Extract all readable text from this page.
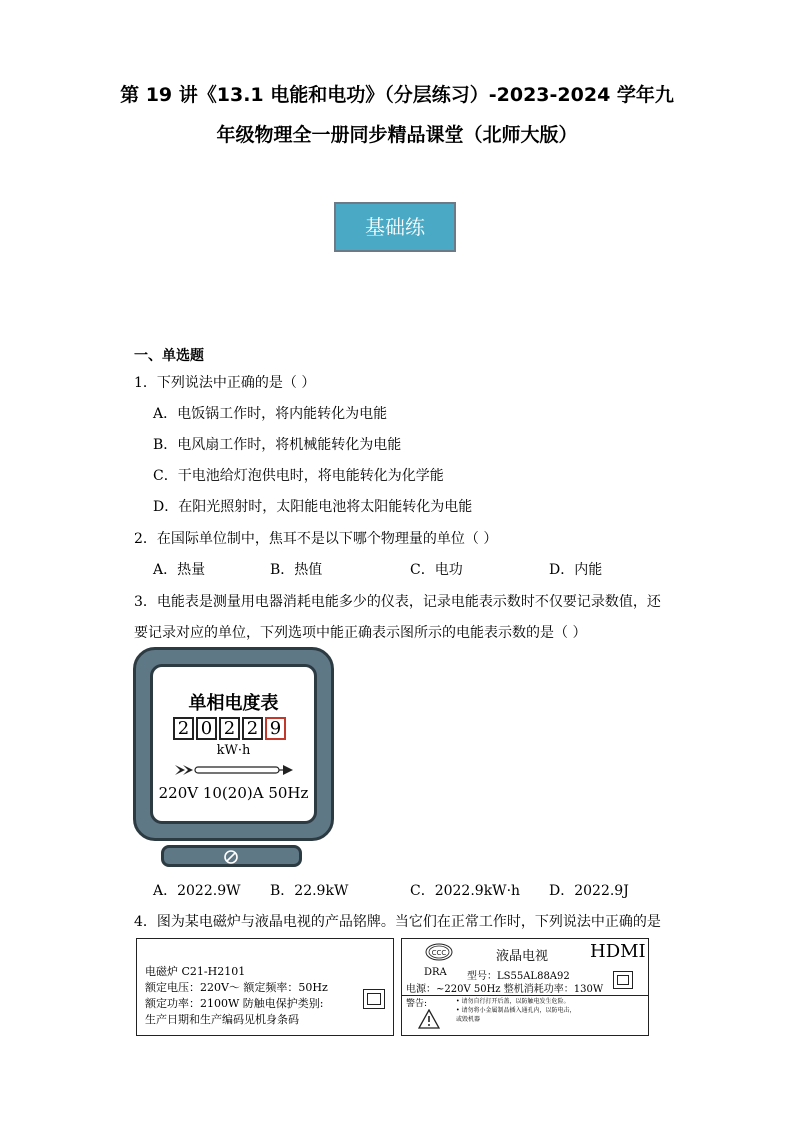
第 19 讲《13.1 电能和电功》（分层练习）-2023-2024 学年九
年级物理全一册同步精品课堂（北师大版）
基础练
一、单选题
1．下列说法中正确的是（ ）
A．电饭锅工作时，将内能转化为电能
B．电风扇工作时，将机械能转化为电能
C．干电池给灯泡供电时，将电能转化为化学能
D．在阳光照射时，太阳能电池将太阳能转化为电能
2．在国际单位制中，焦耳不是以下哪个物理量的单位（ ）
A．热量	B．热值	C．电功	D．内能
3．电能表是测量用电器消耗电能多少的仪表，记录电能表示数时不仅要记录数值，还
要记录对应的单位，下列选项中能正确表示图所示的电能表示数的是（ ）
单相电度表
2 0 2 2 9
kW·h
220V 10(20)A 50Hz
A．2022.9W B．22.9kW	C．2022.9kW·h D．2022.9J
4．图为某电磁炉与液晶电视的产品铭牌。当它们在正常工作时，下列说法中正确的是
电磁炉 C21-H2101
额定电压：220V～ 额定频率：50Hz
额定功率：2100W 防触电保护类别:
生产日期和生产编码见机身条码
CCC	液晶电视 HDMI
DRA 型号：LS55AL88A92
电源：~220V 50Hz 整机消耗功率：130W
警告:	• 请勿自行打开后盖，以防触电发生危险。
• 请勿将小金属制品插入通孔内，以防电击，
或毁机器
